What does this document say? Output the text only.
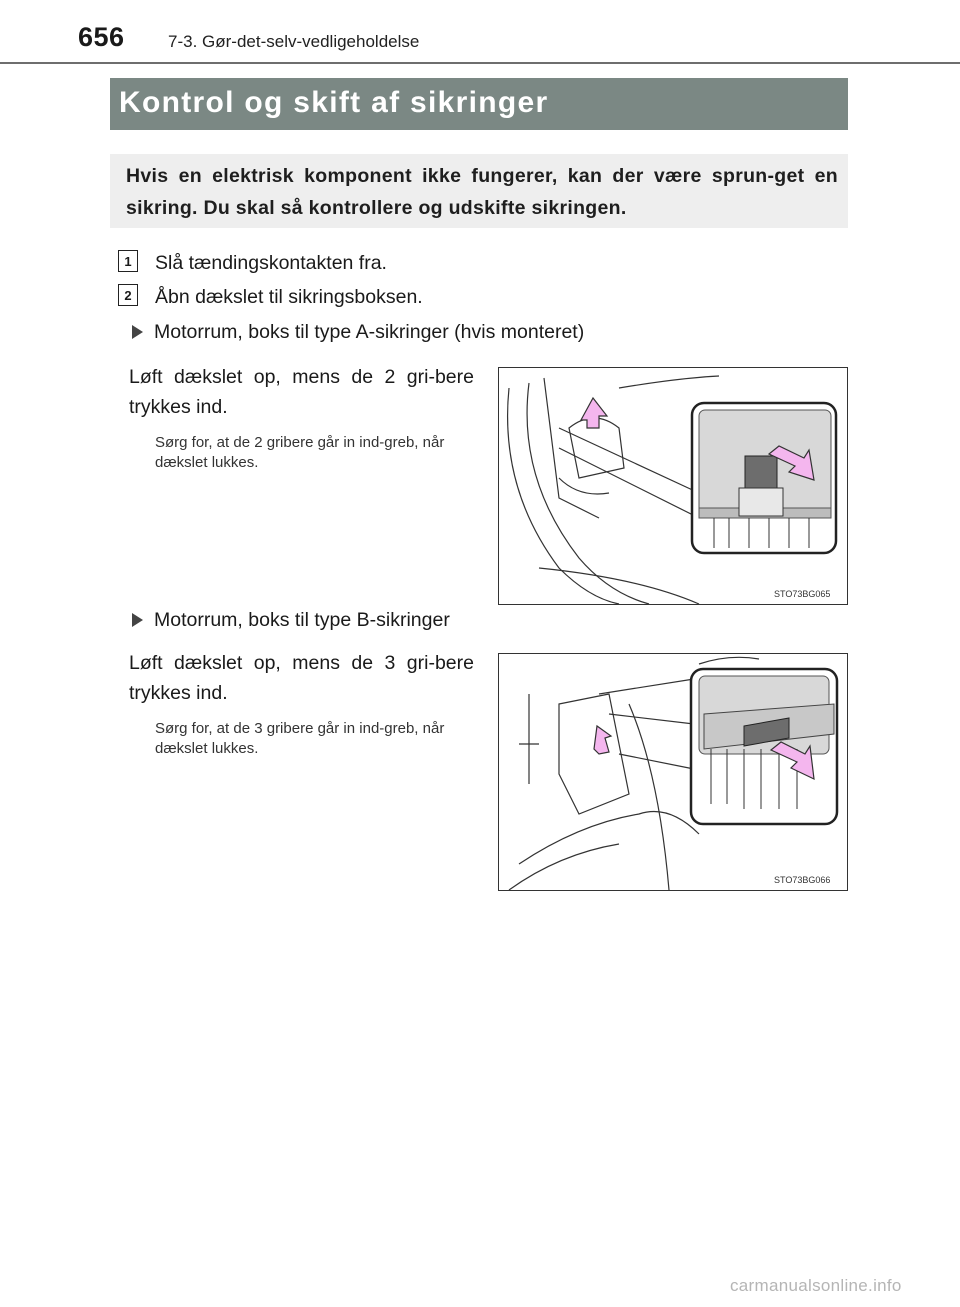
656	7-3. Gør-det-selv-vedligeholdelse
Kontrol og skift af sikringer

Hvis en elektrisk komponent ikke fungerer, kan der være sprun-get en sikring. Du skal så kontrollere og udskifte sikringen.

1	Slå tændingskontakten fra.
2	Åbn dækslet til sikringsboksen.
Motorrum, boks til type A-sikringer (hvis monteret)

Løft dækslet op, mens de 2 gri-bere trykkes ind.

Sørg for, at de 2 gribere går in ind-greb, når dækslet lukkes.

STO73BG065
Motorrum, boks til type B-sikringer

Løft dækslet op, mens de 3 gri-bere trykkes ind.

Sørg for, at de 3 gribere går in ind-greb, når dækslet lukkes.

STO73BG066
carmanualsonline.info
